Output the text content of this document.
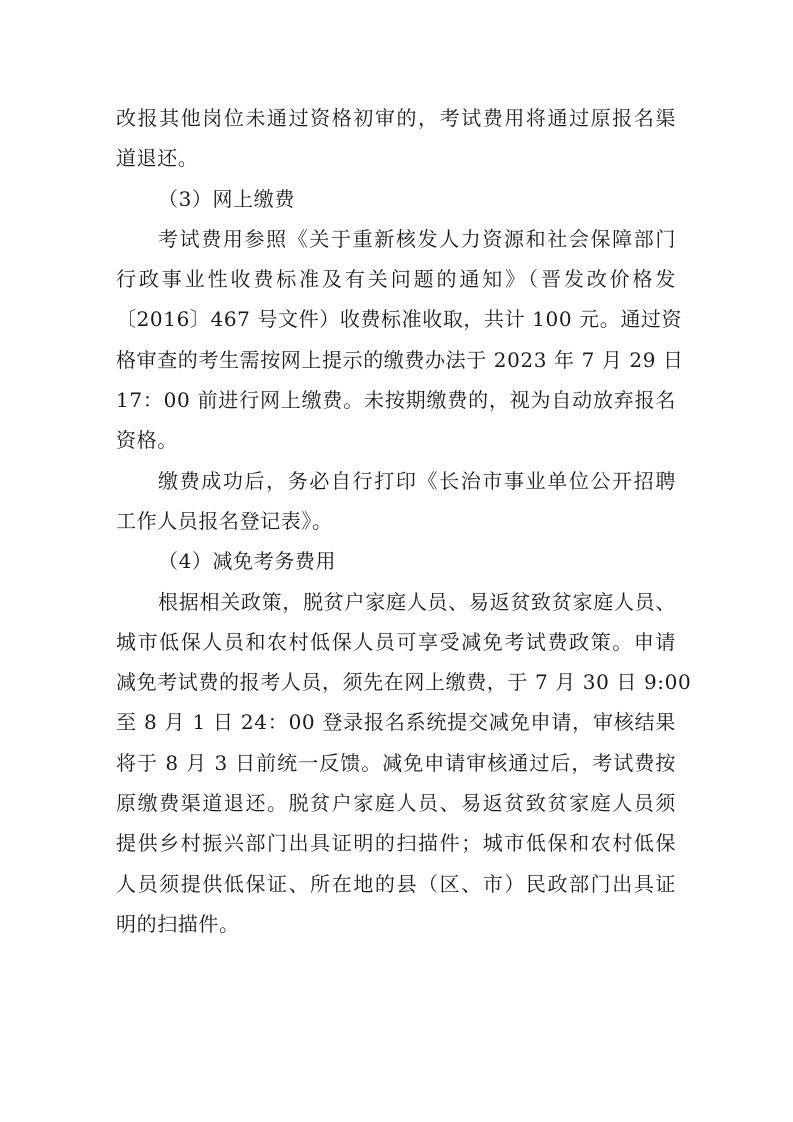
改报其他岗位未通过资格初审的，考试费用将通过原报名渠
道退还。
（3）网上缴费
考试费用参照《关于重新核发人力资源和社会保障部门
行政事业性收费标准及有关问题的通知》（晋发改价格发
〔2016〕467 号文件）收费标准收取，共计 100 元。通过资
格审查的考生需按网上提示的缴费办法于 2023 年 7 月 29 日
17：00 前进行网上缴费。未按期缴费的，视为自动放弃报名
资格。
缴费成功后，务必自行打印《长治市事业单位公开招聘
工作人员报名登记表》。
（4）减免考务费用
根据相关政策，脱贫户家庭人员、易返贫致贫家庭人员、
城市低保人员和农村低保人员可享受减免考试费政策。申请
减免考试费的报考人员，须先在网上缴费，于 7 月 30 日 9:00
至 8 月 1 日 24：00 登录报名系统提交减免申请，审核结果
将于 8 月 3 日前统一反馈。减免申请审核通过后，考试费按
原缴费渠道退还。脱贫户家庭人员、易返贫致贫家庭人员须
提供乡村振兴部门出具证明的扫描件；城市低保和农村低保
人员须提供低保证、所在地的县（区、市）民政部门出具证
明的扫描件。
